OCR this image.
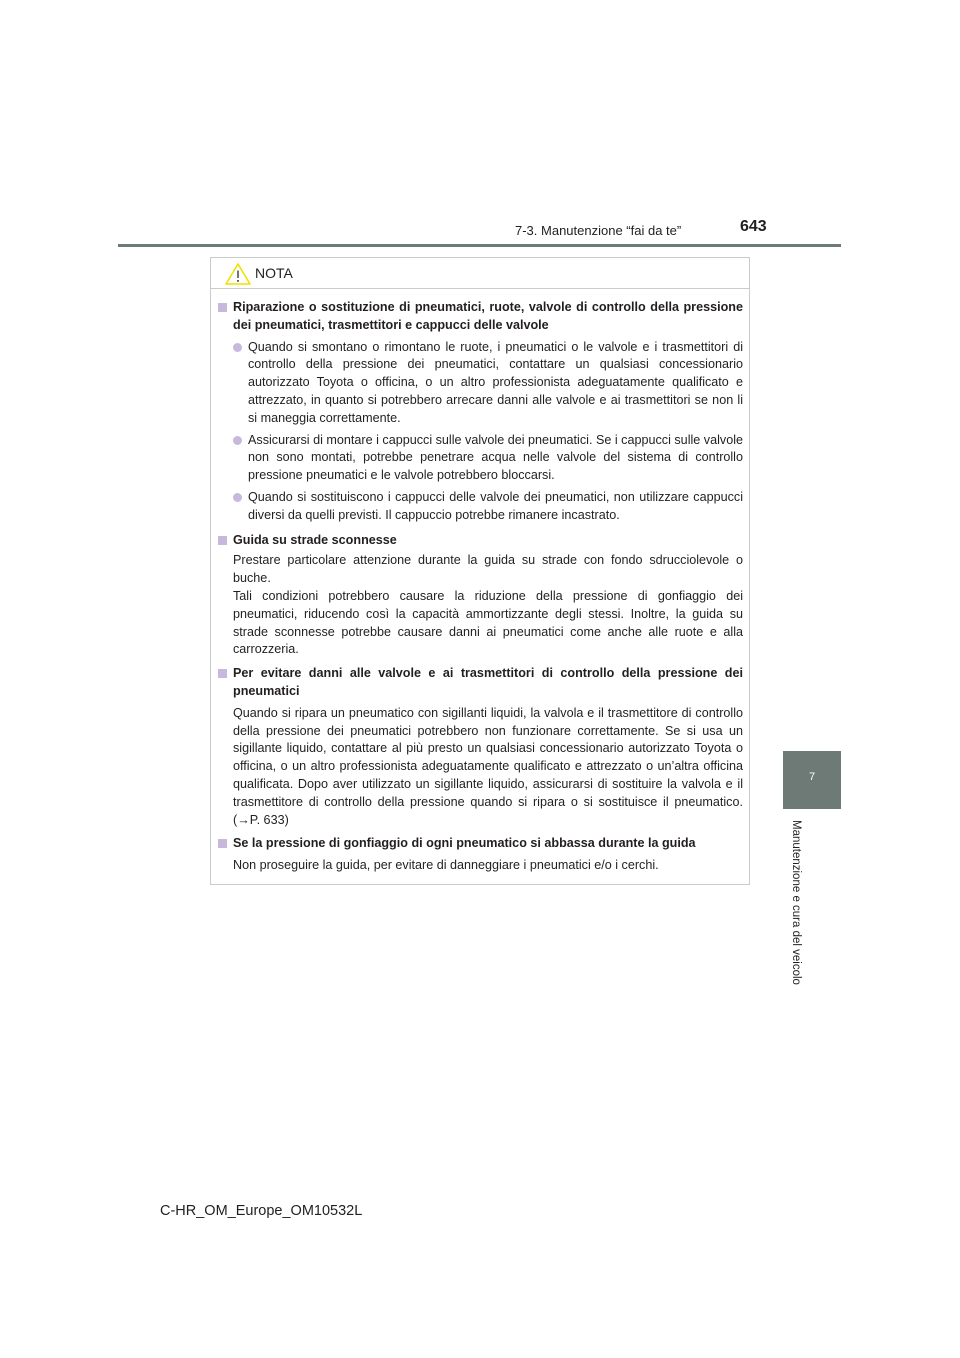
7-3. Manutenzione “fai da te”	643
7
Manutenzione e cura del veicolo
NOTA
Riparazione o sostituzione di pneumatici, ruote, valvole di controllo della pressione dei pneumatici, trasmettitori e cappucci delle valvole
Quando si smontano o rimontano le ruote, i pneumatici o le valvole e i trasmettitori di controllo della pressione dei pneumatici, contattare un qualsiasi concessionario autorizzato Toyota o officina, o un altro professionista adeguatamente qualificato e attrezzato, in quanto si potrebbero arrecare danni alle valvole e ai trasmettitori se non li si maneggia correttamente.
Assicurarsi di montare i cappucci sulle valvole dei pneumatici. Se i cappucci sulle valvole non sono montati, potrebbe penetrare acqua nelle valvole del sistema di controllo pressione pneumatici e le valvole potrebbero bloccarsi.
Quando si sostituiscono i cappucci delle valvole dei pneumatici, non utilizzare cappucci diversi da quelli previsti. Il cappuccio potrebbe rimanere incastrato.
Guida su strade sconnesse
Prestare particolare attenzione durante la guida su strade con fondo sdrucciolevole o buche.
Tali condizioni potrebbero causare la riduzione della pressione di gonfiaggio dei pneumatici, riducendo così la capacità ammortizzante degli stessi. Inoltre, la guida su strade sconnesse potrebbe causare danni ai pneumatici come anche alle ruote e alla carrozzeria.
Per evitare danni alle valvole e ai trasmettitori di controllo della pressione dei pneumatici
Quando si ripara un pneumatico con sigillanti liquidi, la valvola e il trasmettitore di controllo della pressione dei pneumatici potrebbero non funzionare correttamente. Se si usa un sigillante liquido, contattare al più presto un qualsiasi concessionario autorizzato Toyota o officina, o un altro professionista adeguatamente qualificato e attrezzato o un’altra officina qualificata. Dopo aver utilizzato un sigillante liquido, assicurarsi di sostituire la valvola e il trasmettitore di controllo della pressione quando si ripara o si sostituisce il pneumatico. (→P. 633)
Se la pressione di gonfiaggio di ogni pneumatico si abbassa durante la guida
Non proseguire la guida, per evitare di danneggiare i pneumatici e/o i cerchi.
C-HR_OM_Europe_OM10532L
